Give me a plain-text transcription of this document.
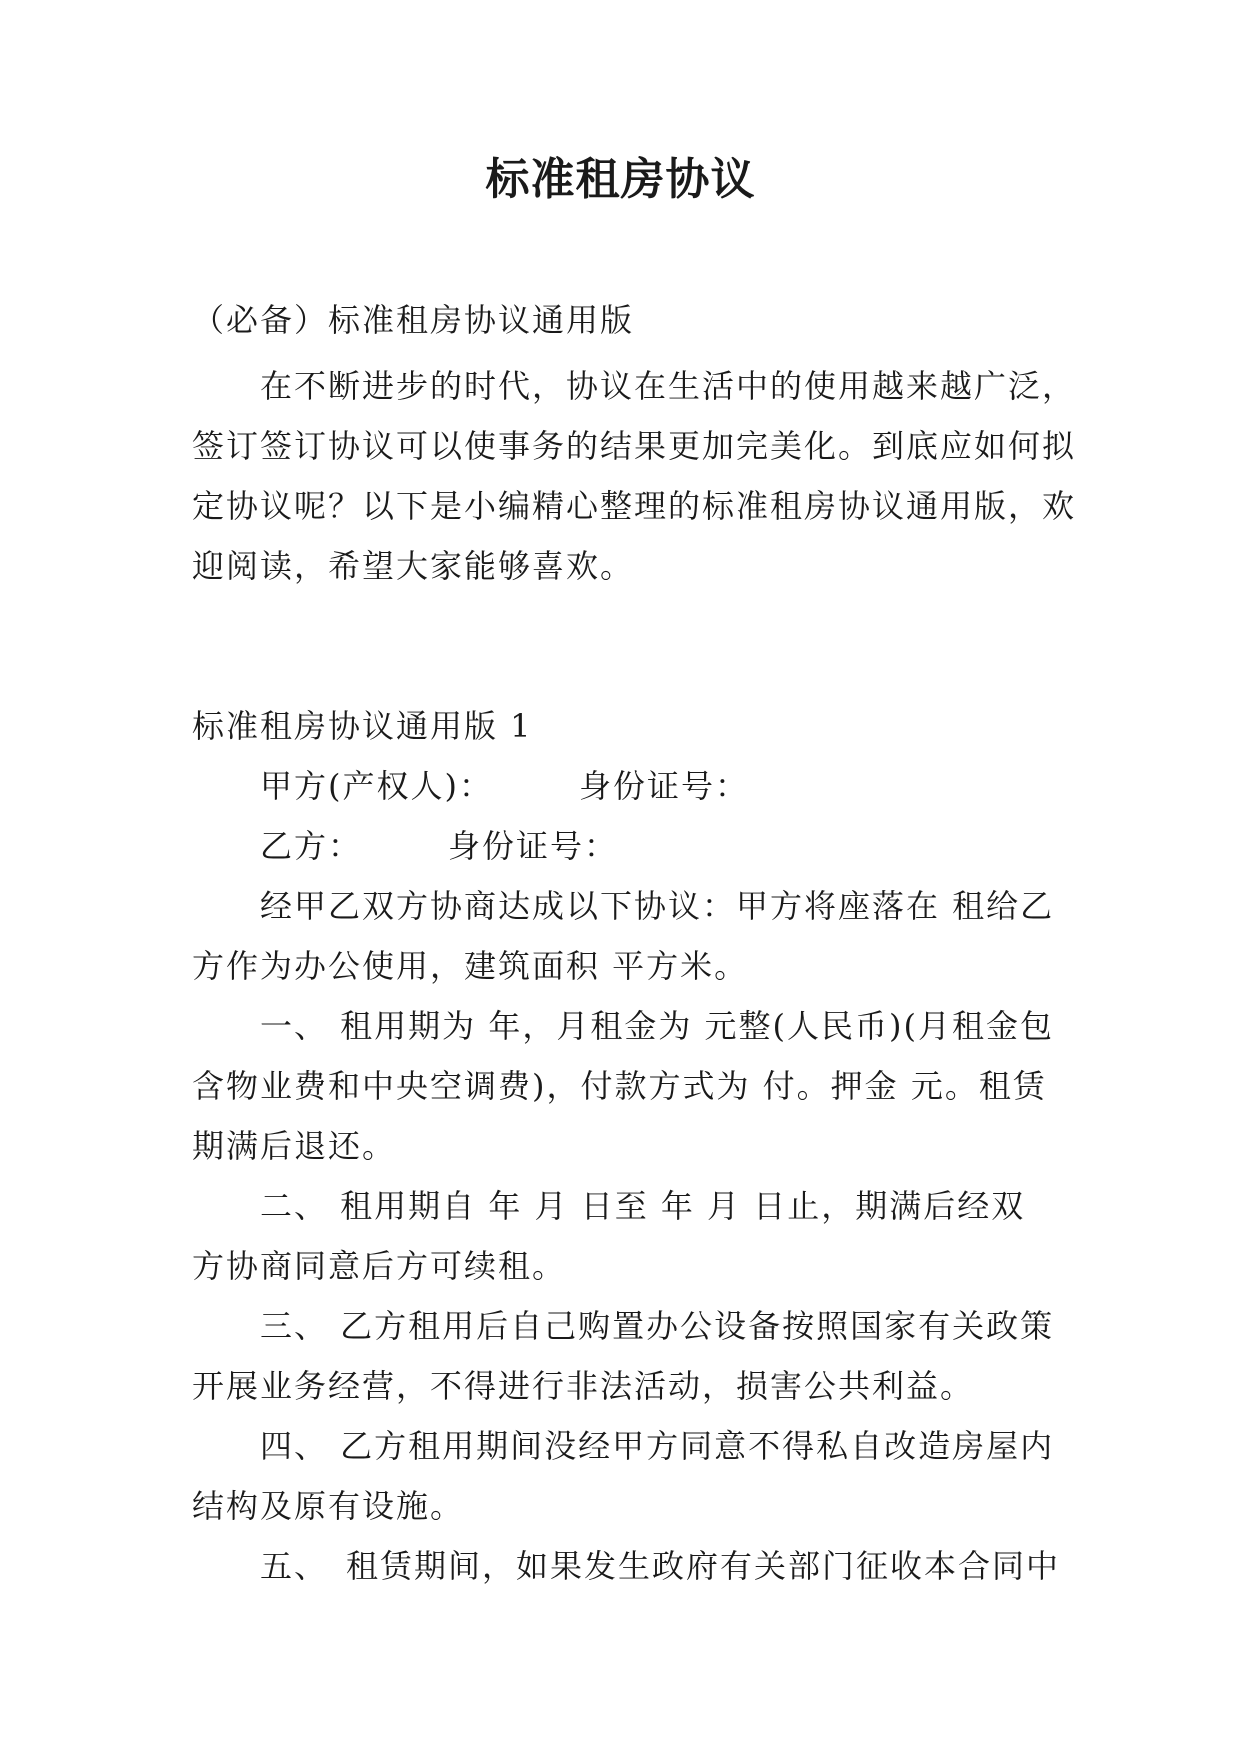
标准租房协议
（必备）标准租房协议通用版
　　在不断进步的时代，协议在生活中的使用越来越广泛，
签订签订协议可以使事务的结果更加完美化。到底应如何拟
定协议呢？以下是小编精心整理的标准租房协议通用版，欢
迎阅读，希望大家能够喜欢。
标准租房协议通用版 1
　　甲方(产权人)：　　　身份证号：
　　乙方：　　　身份证号：
　　经甲乙双方协商达成以下协议：甲方将座落在 租给乙
方作为办公使用，建筑面积 平方米。
　　一、 租用期为 年，月租金为 元整(人民币)(月租金包
含物业费和中央空调费)，付款方式为 付。押金 元。租赁
期满后退还。
　　二、 租用期自 年 月 日至 年 月 日止，期满后经双
方协商同意后方可续租。
　　三、 乙方租用后自己购置办公设备按照国家有关政策
开展业务经营，不得进行非法活动，损害公共利益。
　　四、 乙方租用期间没经甲方同意不得私自改造房屋内
结构及原有设施。
　　五、　租赁期间，如果发生政府有关部门征收本合同中
